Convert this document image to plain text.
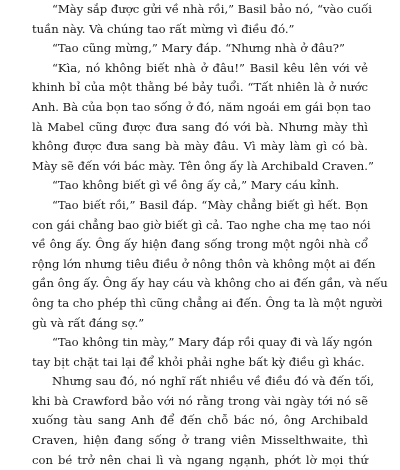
“Mày sắp được gửi về nhà rồi,” Basil bảo nó, “vào cuối
tuần này. Và chúng tao rất mừng vì điều đó.”
“Tao cũng mừng,” Mary đáp. “Nhưng nhà ở đâu?”
“Kìa, nó không biết nhà ở đâu!” Basil kêu lên với vẻ
khinh bỉ của một thằng bé bảy tuổi. “Tất nhiên là ở nước
Anh. Bà của bọn tao sống ở đó, năm ngoái em gái bọn tao
là Mabel cũng được đưa sang đó với bà. Nhưng mày thì
không được đưa sang bà mày đâu. Vì mày làm gì có bà.
Mày sẽ đến với bác mày. Tên ông ấy là Archibald Craven.”
“Tao không biết gì về ông ấy cả,” Mary cáu kỉnh.
“Tao biết rồi,” Basil đáp. “Mày chẳng biết gì hết. Bọn
con gái chẳng bao giờ biết gì cả. Tao nghe cha mẹ tao nói
về ông ấy. Ông ấy hiện đang sống trong một ngôi nhà cổ
rộng lớn nhưng tiêu điều ở nông thôn và không một ai đến
gần ông ấy. Ông ấy hay cáu và không cho ai đến gần, và nếu
ông ta cho phép thì cũng chẳng ai đến. Ông ta là một người
gù và rất đáng sợ.”
“Tao không tin mày,” Mary đáp rồi quay đi và lấy ngón
tay bịt chặt tai lại để khỏi phải nghe bất kỳ điều gì khác.
Nhưng sau đó, nó nghĩ rất nhiều về điều đó và đến tối,
khi bà Crawford bảo với nó rằng trong vài ngày tới nó sẽ
xuống tàu sang Anh để đến chỗ bác nó, ông Archibald
Craven, hiện đang sống ở trang viên Misselthwaite, thì
con bé trở nên chai lì và ngang ngạnh, phớt lờ mọi thứ
